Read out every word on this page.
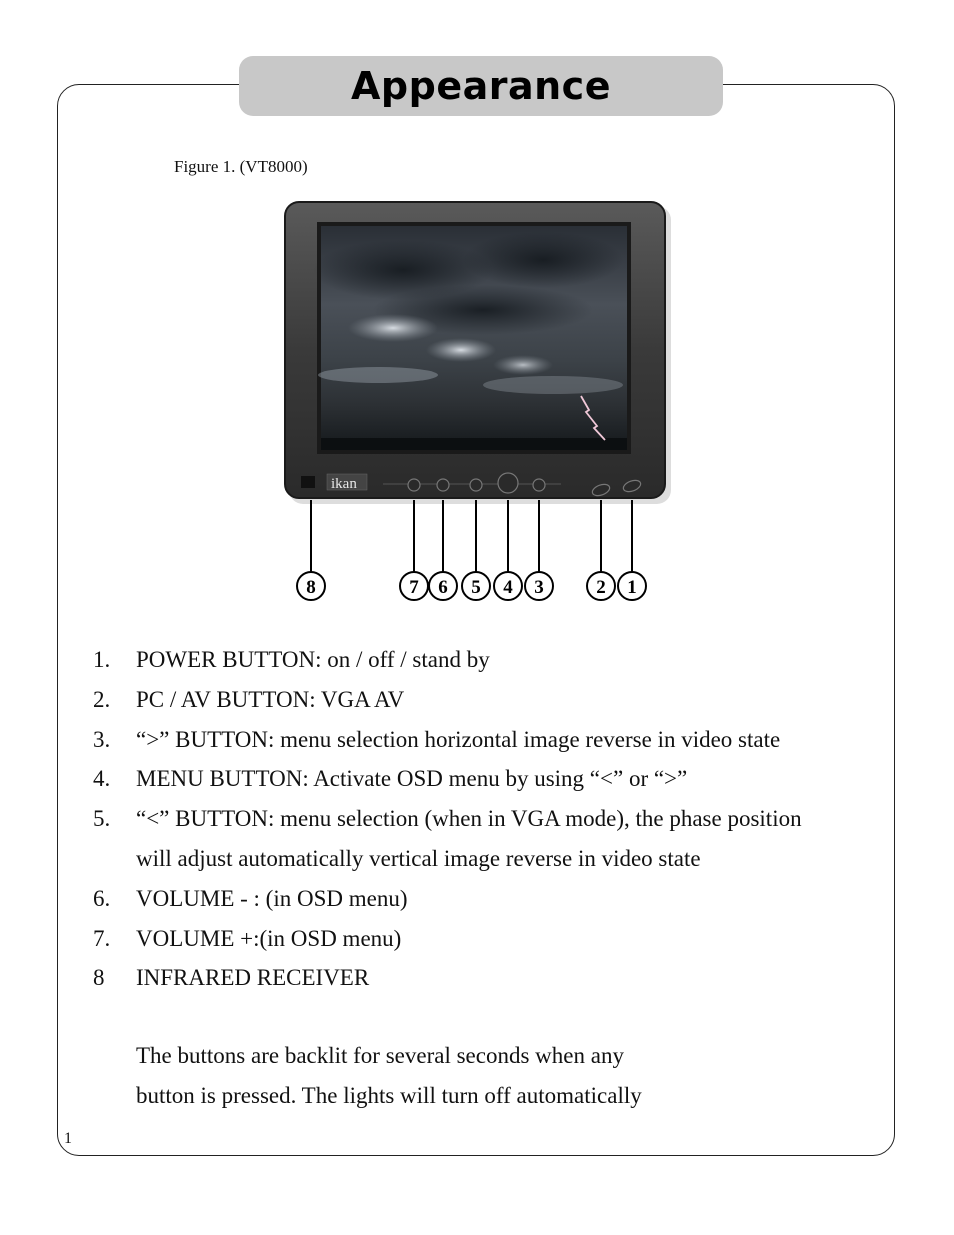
Appearance
Figure 1. (VT8000)
ikan
8	7 6 5 4 3	2 1
1.	POWER BUTTON: on / off / stand by
2.	PC / AV BUTTON: VGA AV
3.	“>” BUTTON: menu selection horizontal image reverse in video state
4.	MENU BUTTON: Activate OSD menu by using “<” or “>”
5.	“<” BUTTON: menu selection (when in VGA mode), the phase position will adjust automatically vertical image reverse in video state
6.	VOLUME - : (in OSD menu)
7.	VOLUME +:(in OSD menu)
8	INFRARED RECEIVER
The buttons are backlit for several seconds when any
button is pressed. The lights will turn off automatically
1
